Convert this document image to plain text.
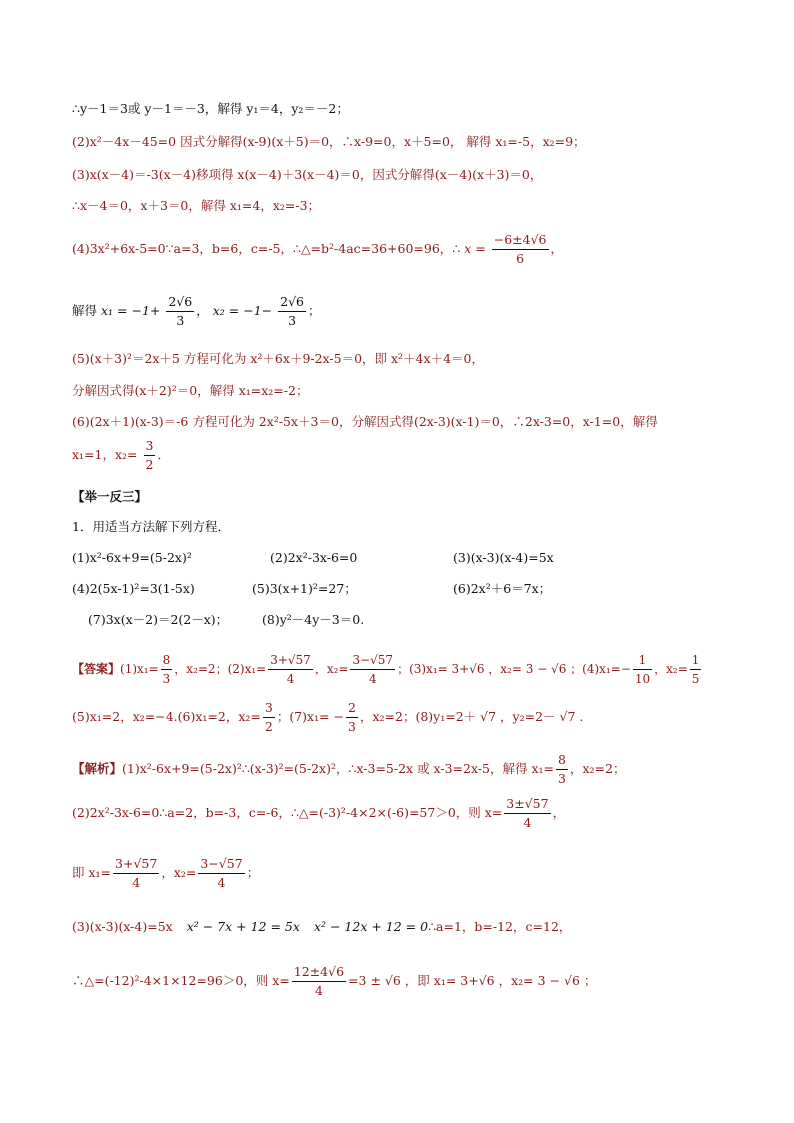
∴y－1＝3或 y－1＝－3，解得 y₁＝4，y₂＝－2；
(2)x²－4x－45=0 因式分解得(x-9)(x＋5)＝0，∴x-9=0，x＋5=0， 解得 x₁=-5，x₂=9；
(3)x(x－4)＝-3(x－4)移项得 x(x－4)＋3(x－4)＝0，因式分解得(x－4)(x＋3)＝0，
∴x－4＝0，x＋3＝0，解得 x₁=4，x₂=-3；
(4)3x²+6x-5=0∵a=3，b=6，c=-5，∴△=b²-4ac=36+60=96，∴ $x = \frac{-6\pm 4√6}{6}$ ，
解得 $x_1 = -1+ \frac{2√6}{3}$ ， $x_2 = -1- \frac{2√6}{3}$ ；
(5)(x＋3)²＝2x＋5 方程可化为 x²＋6x＋9-2x-5＝0，即 x²＋4x＋4＝0，
分解因式得(x＋2)²＝0，解得 x₁=x₂=-2；
(6)(2x＋1)(x-3)＝-6 方程可化为 2x²-5x＋3＝0，分解因式得(2x-3)(x-1)＝0，∴2x-3=0，x-1=0，解得
x₁=1，$x_2= \frac{3}{2}$ ．
【举一反三】
1．用适当方法解下列方程．
(1)x²-6x+9=(5-2x)²	(2)2x²-3x-6=0	(3)(x-3)(x-4)=5x
(4)2(5x-1)²=3(1-5x)	(5)3(x+1)²=27；	(6)2x²＋6＝7x；
(7)3x(x－2)＝2(2－x)；	(8)y²－4y－3＝0.
【答案】$(1)x_1= \frac{8}{3}$ ，x₂=2；$(2)x_1= \frac{3+√57}{4}$ ，$x_2= \frac{3-√57}{4}$ ；(3)x₁= 3+√6 ，x₂= 3 − √6 ；$(4)x_1=- \frac{1}{10}$ ，$x_2= \frac{1}{5}$
(5)x₁=2，x₂=−4.(6)x₁=2，$x_2= \frac{3}{2}$ ；$(7)x_1= - \frac{2}{3}$ ，x₂=2；(8)y₁=2＋ √7 ，y₂=2－ √7 .
【解析】(1)x²-6x+9=(5-2x)²∴(x-3)²=(5-2x)²，∴x-3=5-2x 或 x-3=2x-5，解得 $x_1= \frac{8}{3}$ ，x₂=2；
(2)2x²-3x-6=0∴a=2，b=-3，c=-6，∴△=(-3)²-4×2×(-6)=57＞0，则 $x= \frac{3\pm√57}{4}$ ，
即 $x_1= \frac{3+√57}{4}$ ，$x_2= \frac{3-√57}{4}$ ；
(3)(x-3)(x-4)=5x x² − 7x + 12 = 5x x² − 12x + 12 = 0∴a=1，b=-12，c=12，
∴△=(-12)²-4×1×12=96＞0，则 $x= \frac{12\pm 4√6}{4} =3 \pm √6$ ，即 x₁= 3+√6 ，x₂= 3 − √6 ；
